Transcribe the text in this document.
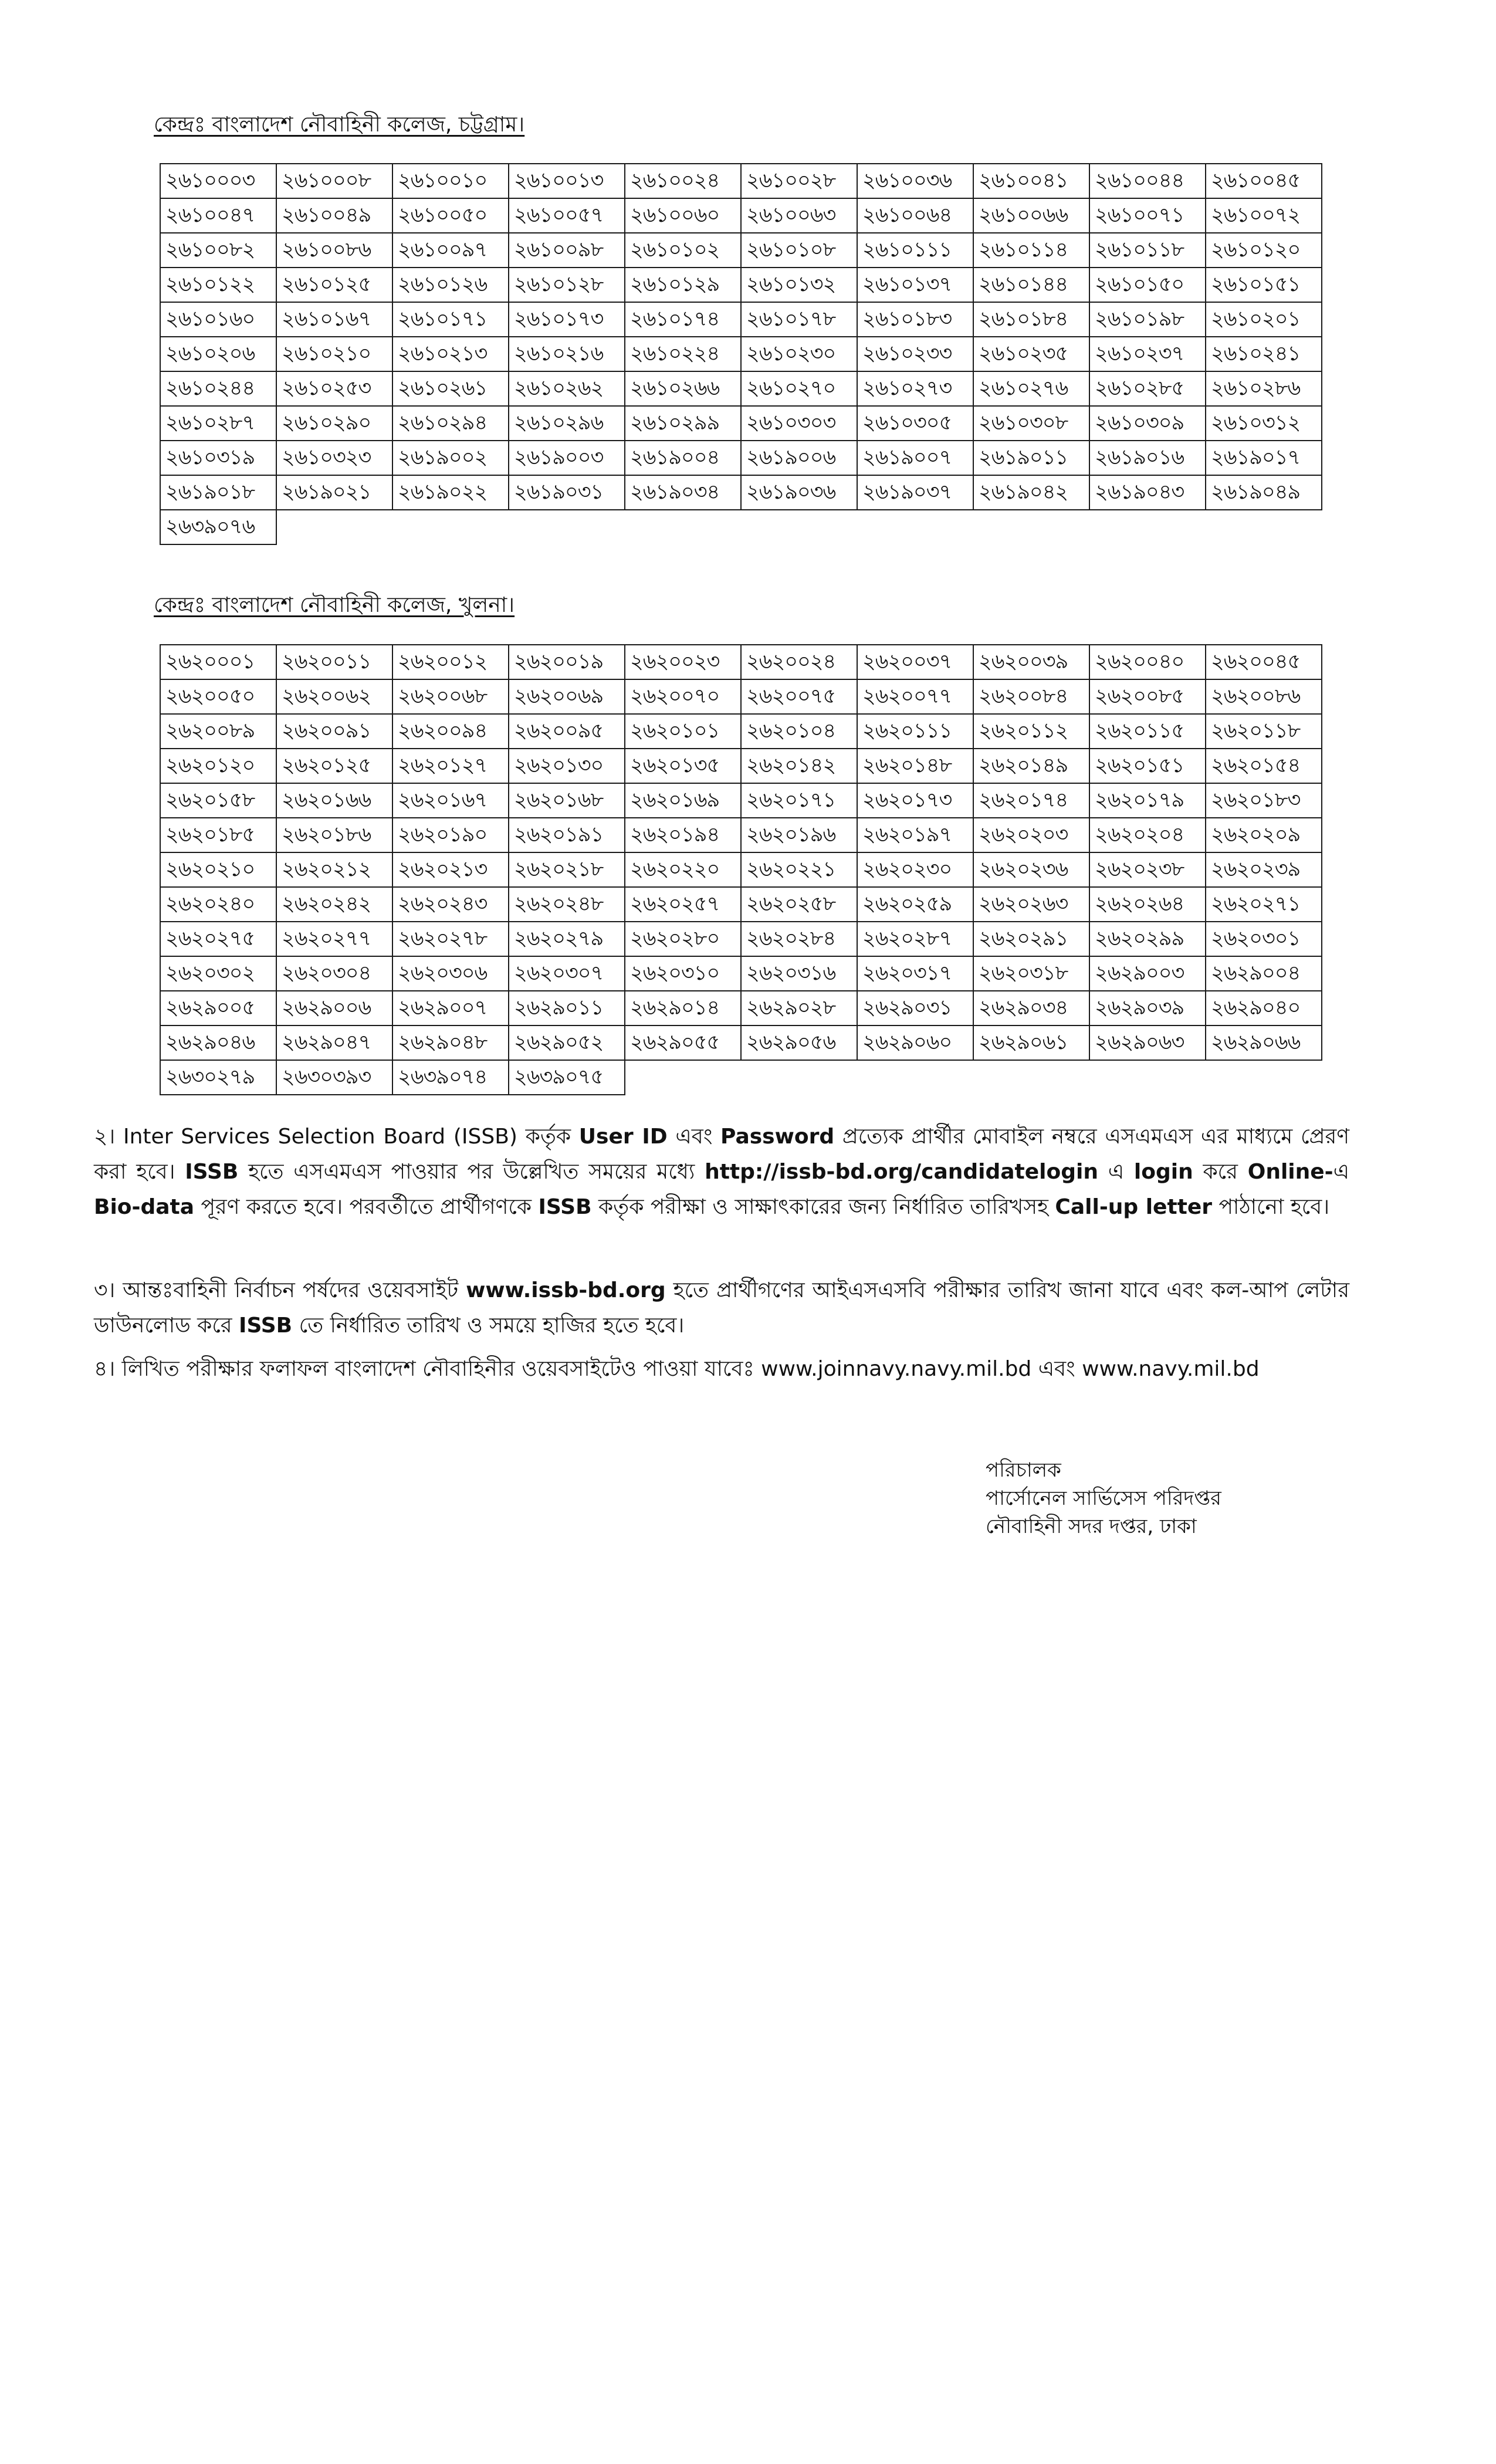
কেন্দ্রঃ বাংলাদেশ নৌবাহিনী কলেজ, চট্টগ্রাম।
২৬১০০০৩	২৬১০০০৮	২৬১০০১০	২৬১০০১৩	২৬১০০২৪	২৬১০০২৮	২৬১০০৩৬	২৬১০০৪১	২৬১০০৪৪	২৬১০০৪৫
২৬১০০৪৭	২৬১০০৪৯	২৬১০০৫০	২৬১০০৫৭	২৬১০০৬০	২৬১০০৬৩	২৬১০০৬৪	২৬১০০৬৬	২৬১০০৭১	২৬১০০৭২
২৬১০০৮২	২৬১০০৮৬	২৬১০০৯৭	২৬১০০৯৮	২৬১০১০২	২৬১০১০৮	২৬১০১১১	২৬১০১১৪	২৬১০১১৮	২৬১০১২০
২৬১০১২২	২৬১০১২৫	২৬১০১২৬	২৬১০১২৮	২৬১০১২৯	২৬১০১৩২	২৬১০১৩৭	২৬১০১৪৪	২৬১০১৫০	২৬১০১৫১
২৬১০১৬০	২৬১০১৬৭	২৬১০১৭১	২৬১০১৭৩	২৬১০১৭৪	২৬১০১৭৮	২৬১০১৮৩	২৬১০১৮৪	২৬১০১৯৮	২৬১০২০১
২৬১০২০৬	২৬১০২১০	২৬১০২১৩	২৬১০২১৬	২৬১০২২৪	২৬১০২৩০	২৬১০২৩৩	২৬১০২৩৫	২৬১০২৩৭	২৬১০২৪১
২৬১০২৪৪	২৬১০২৫৩	২৬১০২৬১	২৬১০২৬২	২৬১০২৬৬	২৬১০২৭০	২৬১০২৭৩	২৬১০২৭৬	২৬১০২৮৫	২৬১০২৮৬
২৬১০২৮৭	২৬১০২৯০	২৬১০২৯৪	২৬১০২৯৬	২৬১০২৯৯	২৬১০৩০৩	২৬১০৩০৫	২৬১০৩০৮	২৬১০৩০৯	২৬১০৩১২
২৬১০৩১৯	২৬১০৩২৩	২৬১৯০০২	২৬১৯০০৩	২৬১৯০০৪	২৬১৯০০৬	২৬১৯০০৭	২৬১৯০১১	২৬১৯০১৬	২৬১৯০১৭
২৬১৯০১৮	২৬১৯০২১	২৬১৯০২২	২৬১৯০৩১	২৬১৯০৩৪	২৬১৯০৩৬	২৬১৯০৩৭	২৬১৯০৪২	২৬১৯০৪৩	২৬১৯০৪৯
২৬৩৯০৭৬									
কেন্দ্রঃ বাংলাদেশ নৌবাহিনী কলেজ, খুলনা।
২৬২০০০১	২৬২০০১১	২৬২০০১২	২৬২০০১৯	২৬২০০২৩	২৬২০০২৪	২৬২০০৩৭	২৬২০০৩৯	২৬২০০৪০	২৬২০০৪৫
২৬২০০৫০	২৬২০০৬২	২৬২০০৬৮	২৬২০০৬৯	২৬২০০৭০	২৬২০০৭৫	২৬২০০৭৭	২৬২০০৮৪	২৬২০০৮৫	২৬২০০৮৬
২৬২০০৮৯	২৬২০০৯১	২৬২০০৯৪	২৬২০০৯৫	২৬২০১০১	২৬২০১০৪	২৬২০১১১	২৬২০১১২	২৬২০১১৫	২৬২০১১৮
২৬২০১২০	২৬২০১২৫	২৬২০১২৭	২৬২০১৩০	২৬২০১৩৫	২৬২০১৪২	২৬২০১৪৮	২৬২০১৪৯	২৬২০১৫১	২৬২০১৫৪
২৬২০১৫৮	২৬২০১৬৬	২৬২০১৬৭	২৬২০১৬৮	২৬২০১৬৯	২৬২০১৭১	২৬২০১৭৩	২৬২০১৭৪	২৬২০১৭৯	২৬২০১৮৩
২৬২০১৮৫	২৬২০১৮৬	২৬২০১৯০	২৬২০১৯১	২৬২০১৯৪	২৬২০১৯৬	২৬২০১৯৭	২৬২০২০৩	২৬২০২০৪	২৬২০২০৯
২৬২০২১০	২৬২০২১২	২৬২০২১৩	২৬২০২১৮	২৬২০২২০	২৬২০২২১	২৬২০২৩০	২৬২০২৩৬	২৬২০২৩৮	২৬২০২৩৯
২৬২০২৪০	২৬২০২৪২	২৬২০২৪৩	২৬২০২৪৮	২৬২০২৫৭	২৬২০২৫৮	২৬২০২৫৯	২৬২০২৬৩	২৬২০২৬৪	২৬২০২৭১
২৬২০২৭৫	২৬২০২৭৭	২৬২০২৭৮	২৬২০২৭৯	২৬২০২৮০	২৬২০২৮৪	২৬২০২৮৭	২৬২০২৯১	২৬২০২৯৯	২৬২০৩০১
২৬২০৩০২	২৬২০৩০৪	২৬২০৩০৬	২৬২০৩০৭	২৬২০৩১০	২৬২০৩১৬	২৬২০৩১৭	২৬২০৩১৮	২৬২৯০০৩	২৬২৯০০৪
২৬২৯০০৫	২৬২৯০০৬	২৬২৯০০৭	২৬২৯০১১	২৬২৯০১৪	২৬২৯০২৮	২৬২৯০৩১	২৬২৯০৩৪	২৬২৯০৩৯	২৬২৯০৪০
২৬২৯০৪৬	২৬২৯০৪৭	২৬২৯০৪৮	২৬২৯০৫২	২৬২৯০৫৫	২৬২৯০৫৬	২৬২৯০৬০	২৬২৯০৬১	২৬২৯০৬৩	২৬২৯০৬৬
২৬৩০২৭৯	২৬৩০৩৯৩	২৬৩৯০৭৪	২৬৩৯০৭৫						
২। Inter Services Selection Board (ISSB) কর্তৃক User ID এবং Password প্রত্যেক প্রার্থীর মোবাইল নম্বরে এসএমএস এর মাধ্যমে প্রেরণ করা হবে। ISSB হতে এসএমএস পাওয়ার পর উল্লেখিত সময়ের মধ্যে http://issb-bd.org/candidatelogin এ login করে Online-এ Bio-data পূরণ করতে হবে। পরবর্তীতে প্রার্থীগণকে ISSB কর্তৃক পরীক্ষা ও সাক্ষাৎকারের জন্য নির্ধারিত তারিখসহ Call-up letter পাঠানো হবে।
৩। আন্তঃবাহিনী নির্বাচন পর্ষদের ওয়েবসাইট www.issb-bd.org হতে প্রার্থীগণের আইএসএসবি পরীক্ষার তারিখ জানা যাবে এবং কল-আপ লেটার ডাউনলোড করে ISSB তে নির্ধারিত তারিখ ও সময়ে হাজির হতে হবে।
৪। লিখিত পরীক্ষার ফলাফল বাংলাদেশ নৌবাহিনীর ওয়েবসাইটেও পাওয়া যাবেঃ www.joinnavy.navy.mil.bd এবং www.navy.mil.bd
পরিচালক
পার্সোনেল সার্ভিসেস পরিদপ্তর
নৌবাহিনী সদর দপ্তর, ঢাকা
